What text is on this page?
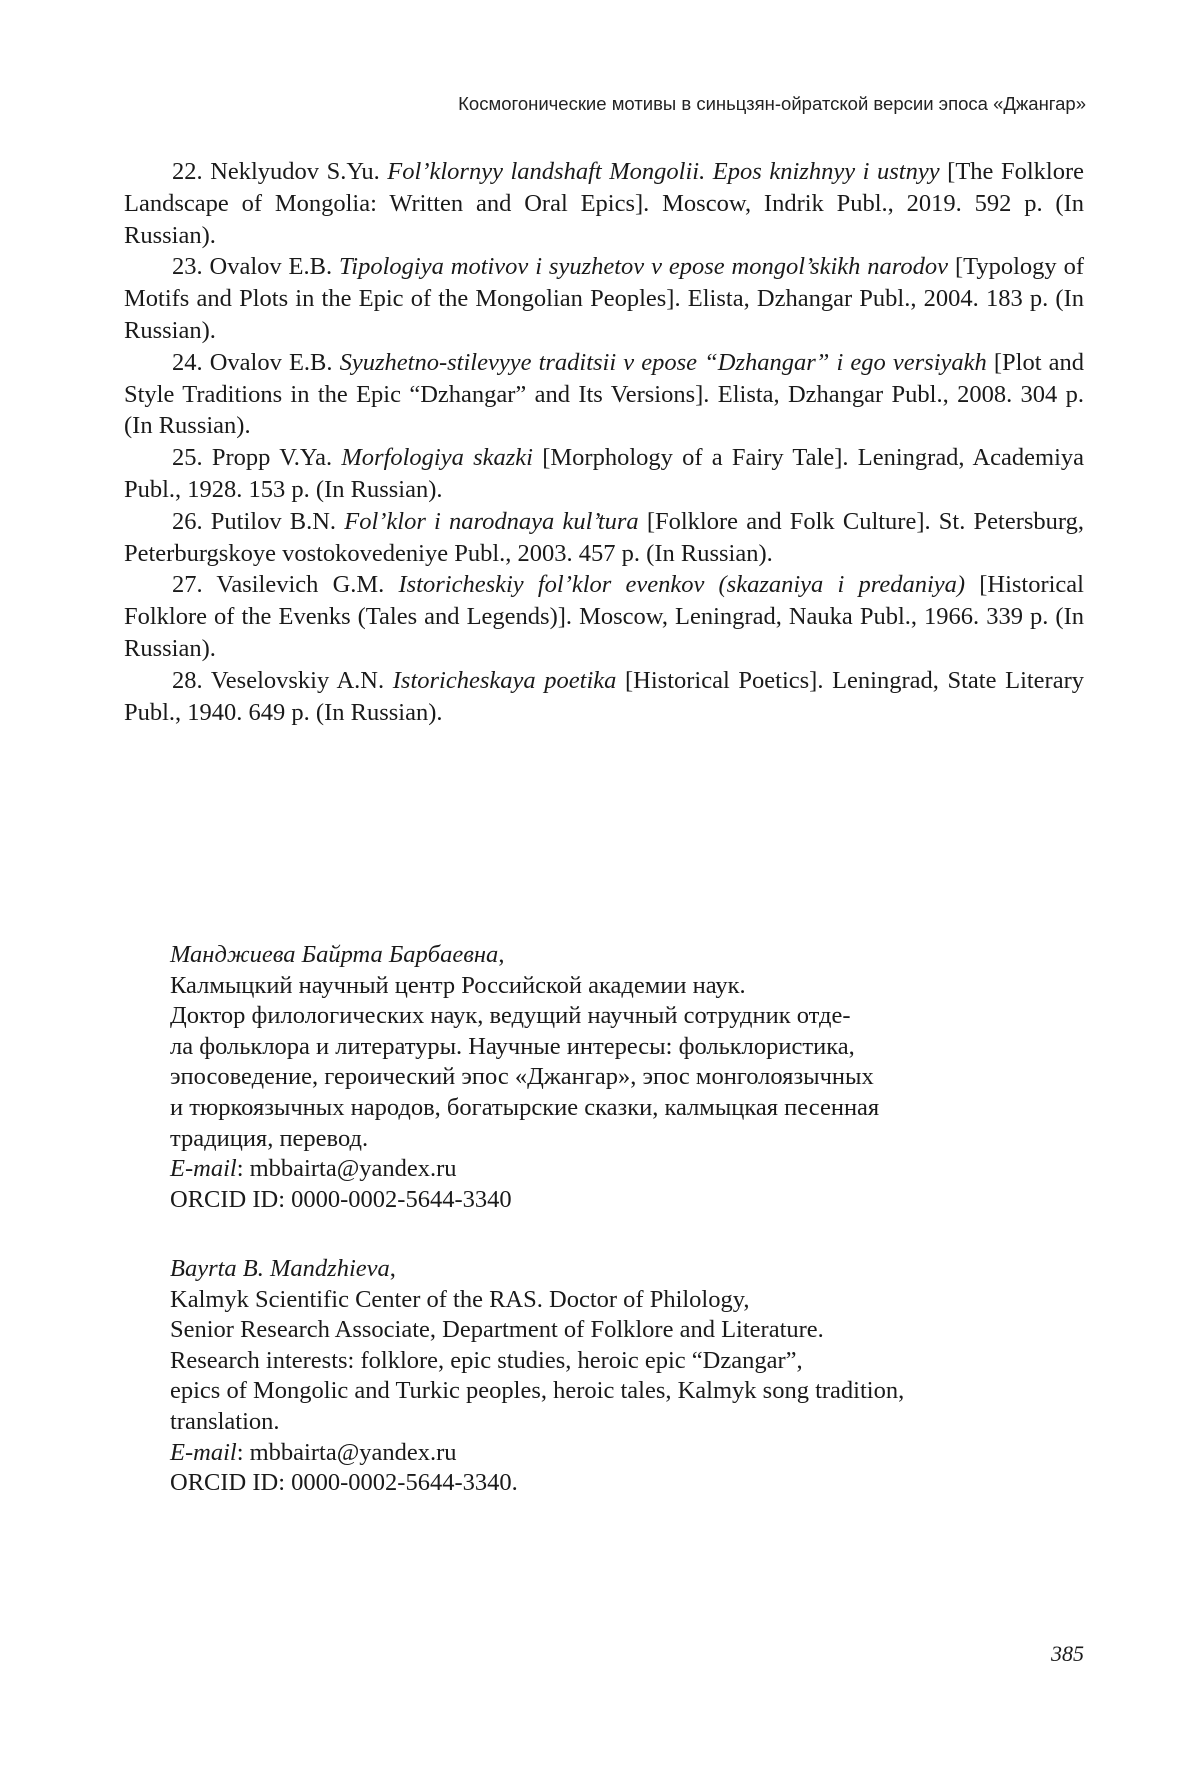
Космогонические мотивы в синьцзян-ойратской версии эпоса «Джангар»

22. Neklyudov S.Yu. Fol’klornyy landshaft Mongolii. Epos knizhnyy i ustnyy [The Folklore Landscape of Mongolia: Written and Oral Epics]. Moscow, Indrik Publ., 2019. 592 p. (In Russian).

23. Ovalov E.B. Tipologiya motivov i syuzhetov v epose mongol’skikh narodov [Typology of Motifs and Plots in the Epic of the Mongolian Peoples]. Elista, Dzhangar Publ., 2004. 183 p. (In Russian).

24. Ovalov E.B. Syuzhetno-stilevyye traditsii v epose “Dzhangar” i ego versiyakh [Plot and Style Traditions in the Epic “Dzhangar” and Its Versions]. Elista, Dzhangar Publ., 2008. 304 p. (In Russian).

25. Propp V.Ya. Morfologiya skazki [Morphology of a Fairy Tale]. Leningrad, Academiya Publ., 1928. 153 p. (In Russian).

26. Putilov B.N. Fol’klor i narodnaya kul’tura [Folklore and Folk Culture]. St. Petersburg, Peterburgskoye vostokovedeniye Publ., 2003. 457 p. (In Russian).

27. Vasilevich G.M. Istoricheskiy fol’klor evenkov (skazaniya i predaniya) [Historical Folklore of the Evenks (Tales and Legends)]. Moscow, Leningrad, Nauka Publ., 1966. 339 p. (In Russian).

28. Veselovskiy A.N. Istoricheskaya poetika [Historical Poetics]. Leningrad, State Literary Publ., 1940. 649 p. (In Russian).

Манджиева Байрта Барбаевна,
Калмыцкий научный центр Российской академии наук.
Доктор филологических наук, ведущий научный сотрудник отде-
ла фольклора и литературы. Научные интересы: фольклористика,
эпосоведение, героический эпос «Джангар», эпос монголоязычных
и тюркоязычных народов, богатырские сказки, калмыцкая песенная
традиция, перевод.
E-mail: mbbairta@yandex.ru
ORCID ID: 0000-0002-5644-3340
Bayrta B. Mandzhieva,
Kalmyk Scientific Center of the RAS. Doctor of Philology,
Senior Research Associate, Department of Folklore and Literature.
Research interests: folklore, epic studies, heroic epic “Dzangar”,
epics of Mongolic and Turkic peoples, heroic tales, Kalmyk song tradition,
translation.
E-mail: mbbairta@yandex.ru
ORCID ID: 0000-0002-5644-3340.
385
